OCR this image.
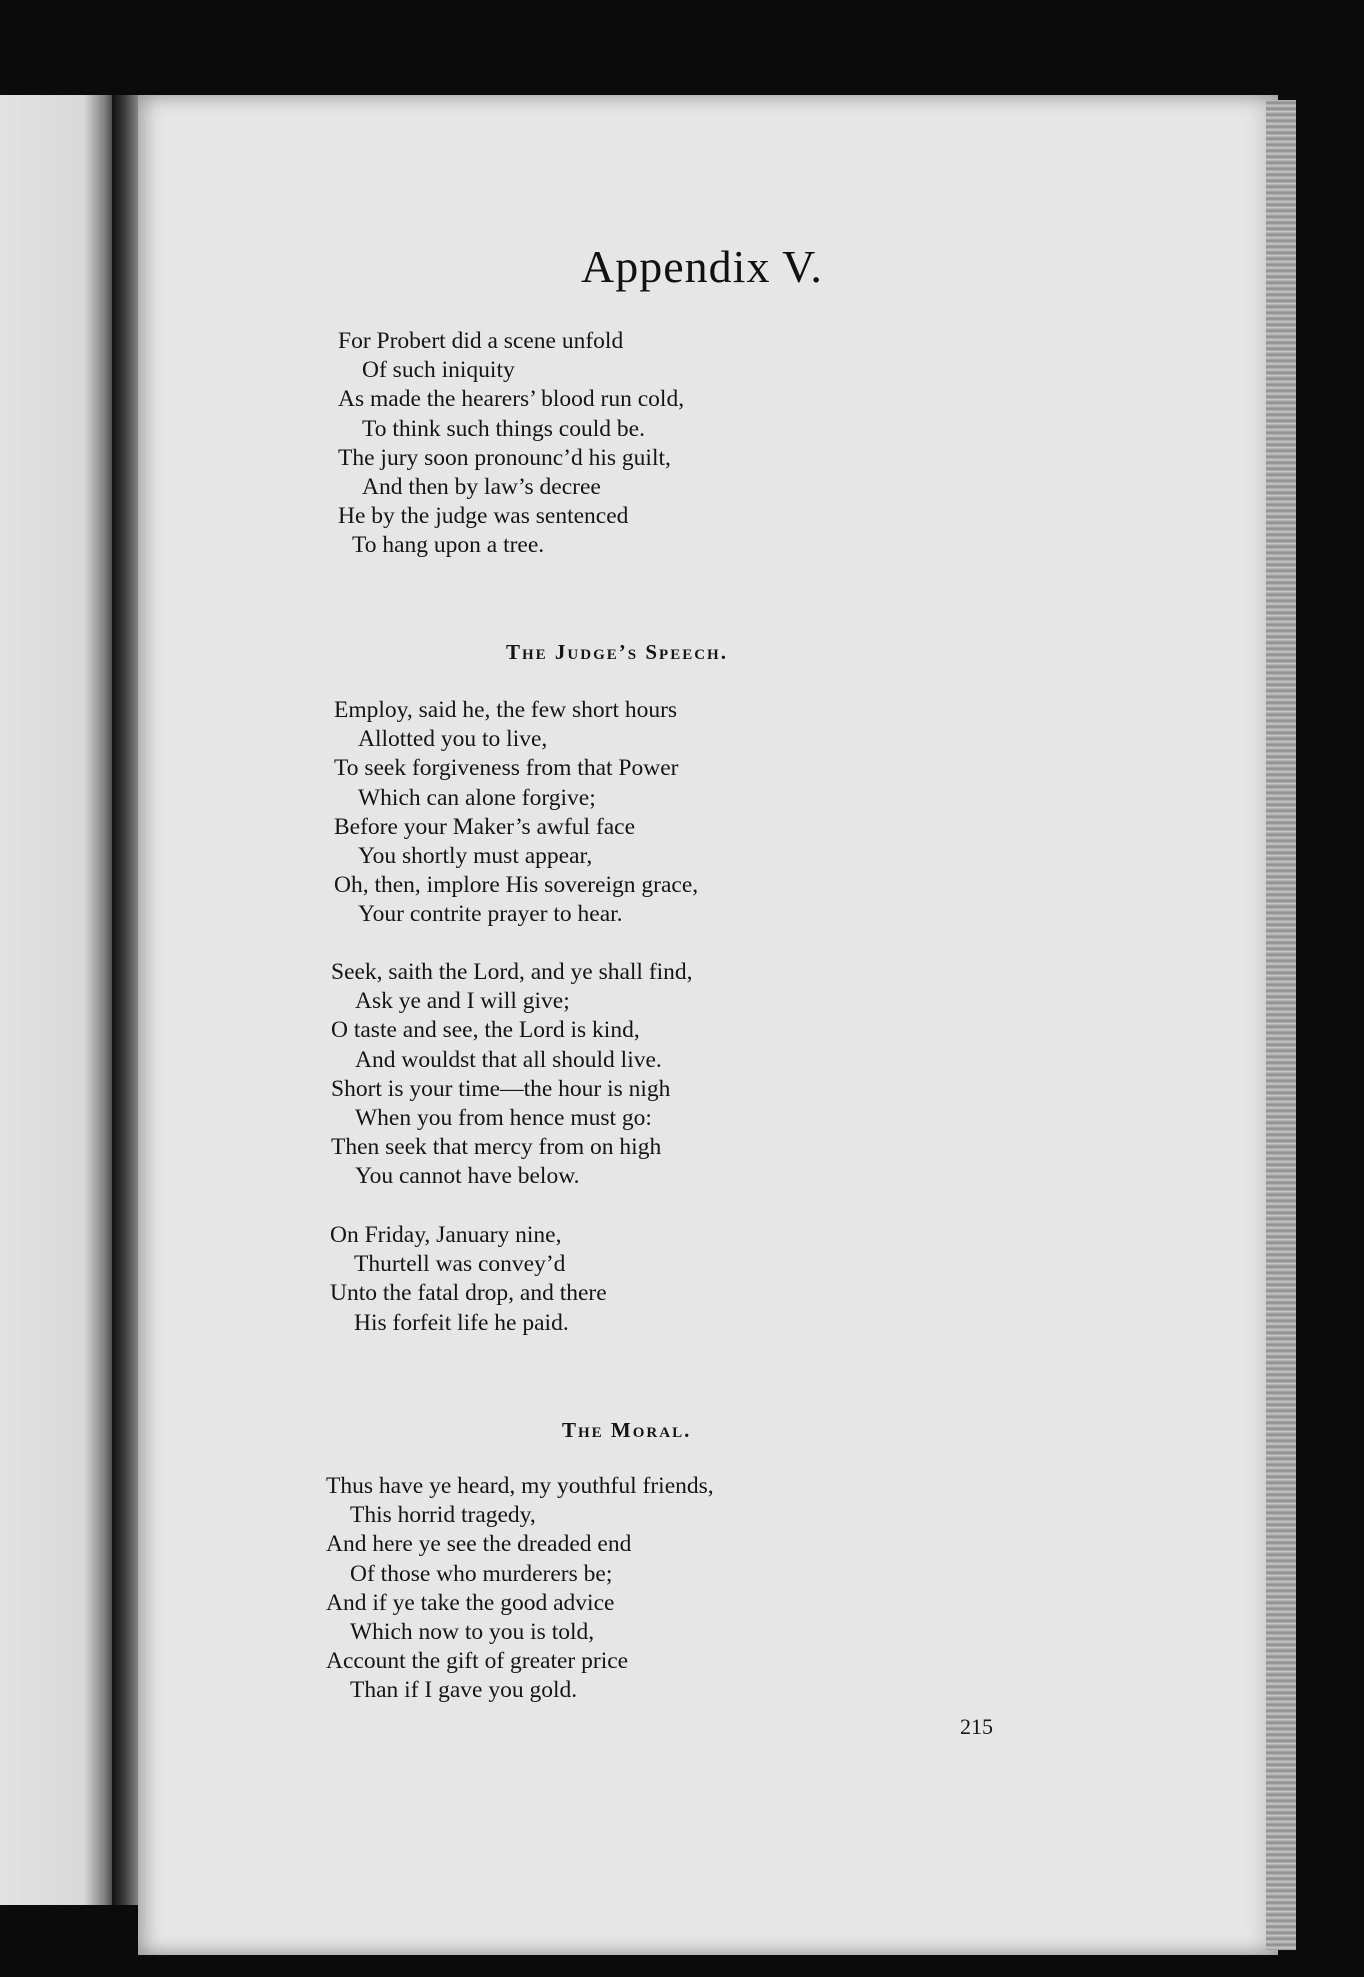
Appendix V.
For Probert did a scene unfold
Of such iniquity
As made the hearers’ blood run cold,
To think such things could be.
The jury soon pronounc’d his guilt,
And then by law’s decree
He by the judge was sentenced
To hang upon a tree.
The Judge’s Speech.
Employ, said he, the few short hours
Allotted you to live,
To seek forgiveness from that Power
Which can alone forgive;
Before your Maker’s awful face
You shortly must appear,
Oh, then, implore His sovereign grace,
Your contrite prayer to hear.
Seek, saith the Lord, and ye shall find,
Ask ye and I will give;
O taste and see, the Lord is kind,
And wouldst that all should live.
Short is your time—the hour is nigh
When you from hence must go:
Then seek that mercy from on high
You cannot have below.
On Friday, January nine,
Thurtell was convey’d
Unto the fatal drop, and there
His forfeit life he paid.
The Moral.
Thus have ye heard, my youthful friends,
This horrid tragedy,
And here ye see the dreaded end
Of those who murderers be;
And if ye take the good advice
Which now to you is told,
Account the gift of greater price
Than if I gave you gold.
215
